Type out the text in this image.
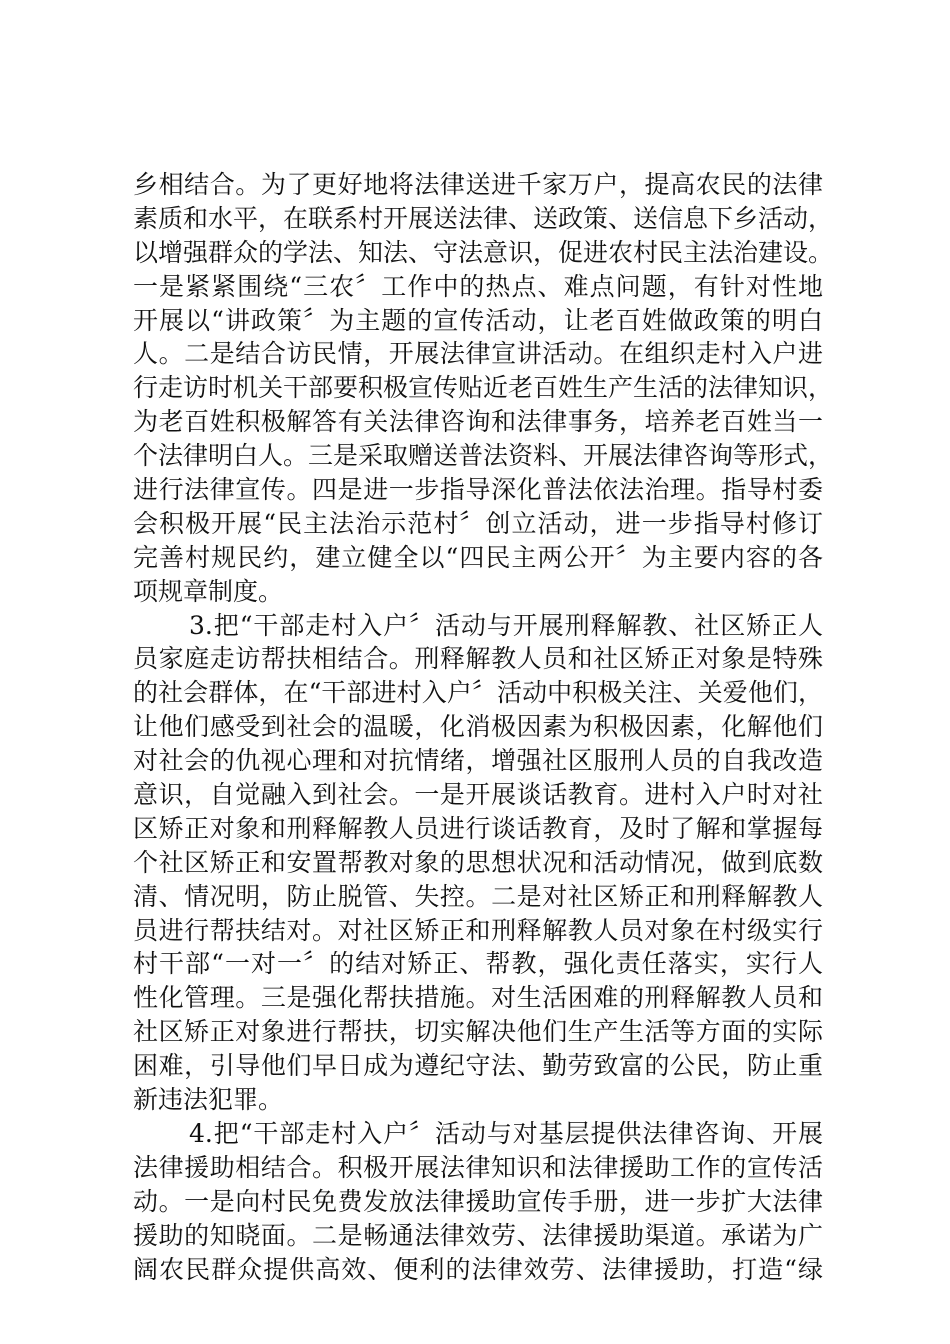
乡相结合。为了更好地将法律送进千家万户，提高农民的法律
素质和水平，在联系村开展送法律、送政策、送信息下乡活动，
以增强群众的学法、知法、守法意识，促进农村民主法治建设。
一是紧紧围绕“三农〞工作中的热点、难点问题，有针对性地
开展以“讲政策〞为主题的宣传活动，让老百姓做政策的明白
人。二是结合访民情，开展法律宣讲活动。在组织走村入户进
行走访时机关干部要积极宣传贴近老百姓生产生活的法律知识，
为老百姓积极解答有关法律咨询和法律事务，培养老百姓当一
个法律明白人。三是采取赠送普法资料、开展法律咨询等形式，
进行法律宣传。四是进一步指导深化普法依法治理。指导村委
会积极开展“民主法治示范村〞创立活动，进一步指导村修订
完善村规民约，建立健全以“四民主两公开〞为主要内容的各
项规章制度。
3.把“干部走村入户〞活动与开展刑释解教、社区矫正人
员家庭走访帮扶相结合。刑释解教人员和社区矫正对象是特殊
的社会群体，在“干部进村入户〞活动中积极关注、关爱他们，
让他们感受到社会的温暖，化消极因素为积极因素，化解他们
对社会的仇视心理和对抗情绪，增强社区服刑人员的自我改造
意识，自觉融入到社会。一是开展谈话教育。进村入户时对社
区矫正对象和刑释解教人员进行谈话教育，及时了解和掌握每
个社区矫正和安置帮教对象的思想状况和活动情况，做到底数
清、情况明，防止脱管、失控。二是对社区矫正和刑释解教人
员进行帮扶结对。对社区矫正和刑释解教人员对象在村级实行
村干部“一对一〞的结对矫正、帮教，强化责任落实，实行人
性化管理。三是强化帮扶措施。对生活困难的刑释解教人员和
社区矫正对象进行帮扶，切实解决他们生产生活等方面的实际
困难，引导他们早日成为遵纪守法、勤劳致富的公民，防止重
新违法犯罪。
4.把“干部走村入户〞活动与对基层提供法律咨询、开展
法律援助相结合。积极开展法律知识和法律援助工作的宣传活
动。一是向村民免费发放法律援助宣传手册，进一步扩大法律
援助的知晓面。二是畅通法律效劳、法律援助渠道。承诺为广
阔农民群众提供高效、便利的法律效劳、法律援助，打造“绿
